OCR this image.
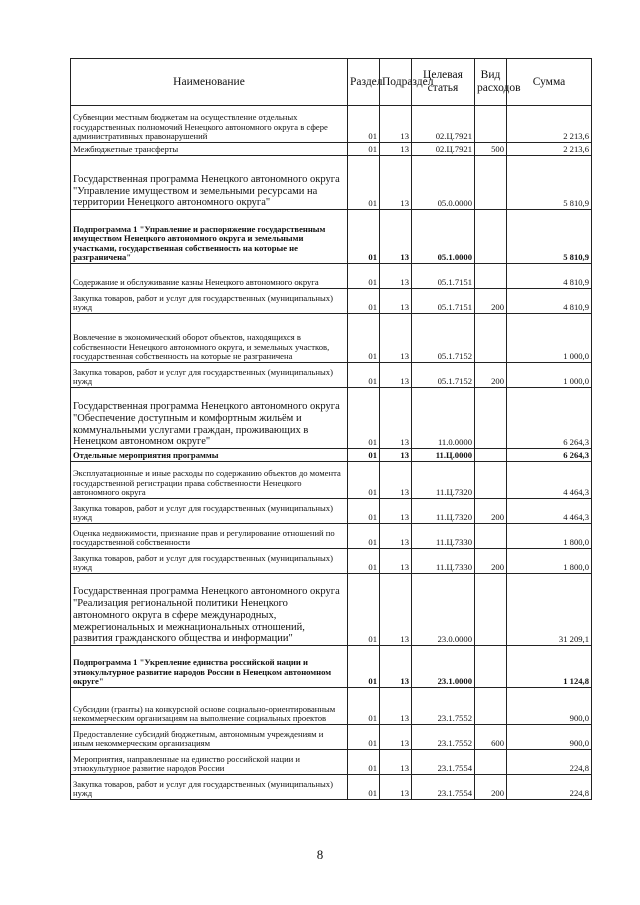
Наименование	Раздел	Подраздел	Целевая статья	Вид расходов	Сумма
Субвенции местным бюджетам на осуществление отдельных государственных полномочий Ненецкого автономного округа в сфере административных правонарушений	01	13	02.Ц.7921		2 213,6
Межбюджетные трансферты	01	13	02.Ц.7921	500	2 213,6
Государственная программа Ненецкого автономного округа "Управление имуществом и земельными ресурсами на территории Ненецкого автономного округа"	01	13	05.0.0000		5 810,9
Подпрограмма 1 "Управление и распоряжение государственным имуществом Ненецкого автономного округа и земельными участками, государственная собственность на которые не разграничена"	01	13	05.1.0000		5 810,9
Содержание и обслуживание казны Ненецкого автономного округа	01	13	05.1.7151		4 810,9
Закупка товаров, работ и услуг для государственных (муниципальных) нужд	01	13	05.1.7151	200	4 810,9
Вовлечение в экономический оборот объектов, находящихся в собственности Ненецкого автономного округа, и земельных участков, государственная собственность на которые не разграничена	01	13	05.1.7152		1 000,0
Закупка товаров, работ и услуг для государственных (муниципальных) нужд	01	13	05.1.7152	200	1 000,0
Государственная программа Ненецкого автономного округа "Обеспечение доступным и комфортным жильём и коммунальными услугами граждан, проживающих в Ненецком автономном округе"	01	13	11.0.0000		6 264,3
Отдельные мероприятия программы	01	13	11.Ц.0000		6 264,3
Эксплуатационные и иные расходы по содержанию объектов до момента государственной регистрации права собственности Ненецкого автономного округа	01	13	11.Ц.7320		4 464,3
Закупка товаров, работ и услуг для государственных (муниципальных) нужд	01	13	11.Ц.7320	200	4 464,3
Оценка недвижимости, признание прав и регулирование отношений по государственной собственности	01	13	11.Ц.7330		1 800,0
Закупка товаров, работ и услуг для государственных (муниципальных) нужд	01	13	11.Ц.7330	200	1 800,0
Государственная программа Ненецкого автономного округа "Реализация региональной политики Ненецкого автономного округа в сфере международных, межрегиональных и межнациональных отношений, развития гражданского общества и информации"	01	13	23.0.0000		31 209,1
Подпрограмма 1 "Укрепление единства российской нации и этнокультурное развитие народов России в Ненецком автономном округе"	01	13	23.1.0000		1 124,8
Субсидии (гранты) на конкурсной основе социально-ориентированным некоммерческим организациям на выполнение социальных проектов	01	13	23.1.7552		900,0
Предоставление субсидий бюджетным, автономным учреждениям и иным некоммерческим организациям	01	13	23.1.7552	600	900,0
Мероприятия, направленные на единство российской нации и этнокультурное развитие народов России	01	13	23.1.7554		224,8
Закупка товаров, работ и услуг для государственных (муниципальных) нужд	01	13	23.1.7554	200	224,8
8
